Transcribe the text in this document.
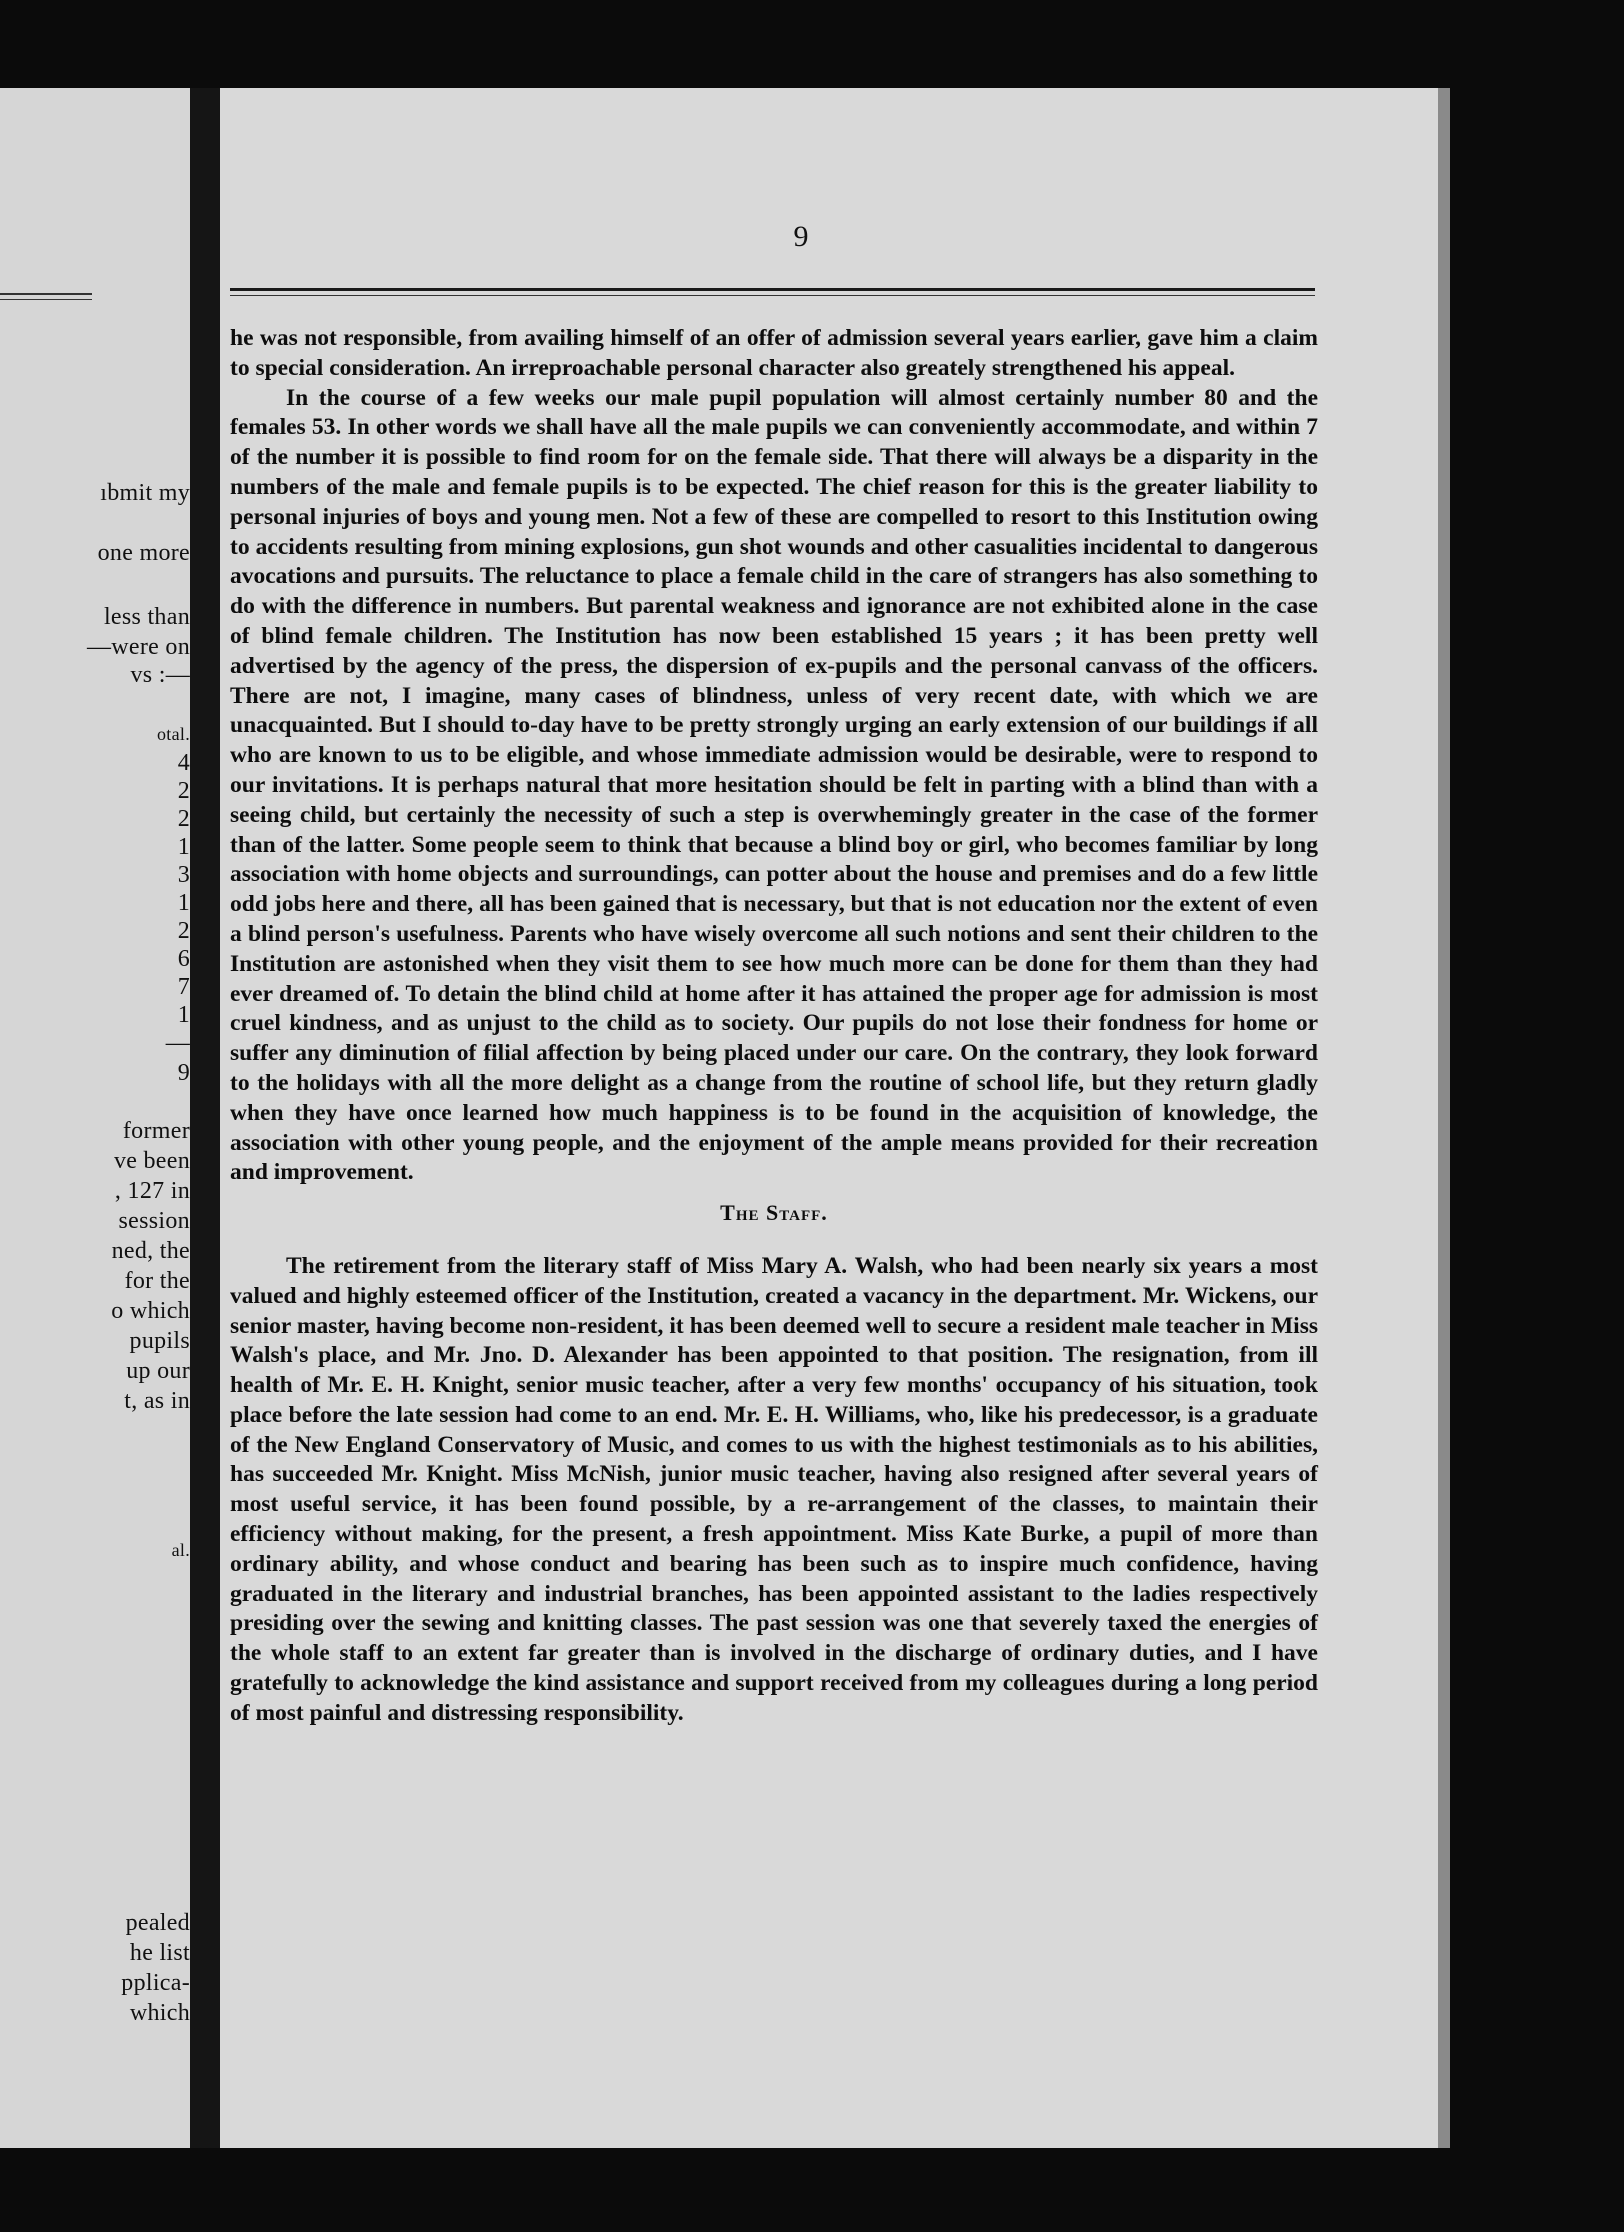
ıbmit my
one more
less than
—were on
vs :—
otal.
4
2
2
1
3
1
2
6
7
1
—
9
former
ve been
, 127 in
session
ned, the
for the
o which
pupils
up our
t, as in
al.
pealed
he list
pplica-
which
9

he was not responsible, from availing himself of an offer of admission several years earlier, gave him a claim to special consideration. An irreproachable personal character also greately strengthened his appeal.

In the course of a few weeks our male pupil population will almost certainly number 80 and the females 53. In other words we shall have all the male pupils we can conveniently accommodate, and within 7 of the number it is possible to find room for on the female side. That there will always be a disparity in the numbers of the male and female pupils is to be expected. The chief reason for this is the greater liability to personal injuries of boys and young men. Not a few of these are compelled to resort to this Institution owing to accidents resulting from mining explosions, gun shot wounds and other casualities incidental to dangerous avocations and pursuits. The reluctance to place a female child in the care of strangers has also something to do with the difference in numbers. But parental weakness and ignorance are not exhibited alone in the case of blind female children. The Institution has now been established 15 years ; it has been pretty well advertised by the agency of the press, the dispersion of ex-pupils and the personal canvass of the officers. There are not, I imagine, many cases of blindness, unless of very recent date, with which we are unacquainted. But I should to-day have to be pretty strongly urging an early extension of our buildings if all who are known to us to be eligible, and whose immediate admission would be desirable, were to respond to our invitations. It is perhaps natural that more hesitation should be felt in parting with a blind than with a seeing child, but certainly the necessity of such a step is overwhemingly greater in the case of the former than of the latter. Some people seem to think that because a blind boy or girl, who becomes familiar by long association with home objects and surroundings, can potter about the house and premises and do a few little odd jobs here and there, all has been gained that is necessary, but that is not education nor the extent of even a blind person's usefulness. Parents who have wisely overcome all such notions and sent their children to the Institution are astonished when they visit them to see how much more can be done for them than they had ever dreamed of. To detain the blind child at home after it has attained the proper age for admission is most cruel kindness, and as unjust to the child as to society. Our pupils do not lose their fondness for home or suffer any diminution of filial affection by being placed under our care. On the contrary, they look forward to the holidays with all the more delight as a change from the routine of school life, but they return gladly when they have once learned how much happiness is to be found in the acquisition of knowledge, the association with other young people, and the enjoyment of the ample means provided for their recreation and improvement.

The Staff.

The retirement from the literary staff of Miss Mary A. Walsh, who had been nearly six years a most valued and highly esteemed officer of the Institution, created a vacancy in the department. Mr. Wickens, our senior master, having become non-resident, it has been deemed well to secure a resident male teacher in Miss Walsh's place, and Mr. Jno. D. Alexander has been appointed to that position. The resignation, from ill health of Mr. E. H. Knight, senior music teacher, after a very few months' occupancy of his situation, took place before the late session had come to an end. Mr. E. H. Williams, who, like his predecessor, is a graduate of the New England Conservatory of Music, and comes to us with the highest testimonials as to his abilities, has succeeded Mr. Knight. Miss McNish, junior music teacher, having also resigned after several years of most useful service, it has been found possible, by a re-arrangement of the classes, to maintain their efficiency without making, for the present, a fresh appointment. Miss Kate Burke, a pupil of more than ordinary ability, and whose conduct and bearing has been such as to inspire much confidence, having graduated in the literary and industrial branches, has been appointed assistant to the ladies respectively presiding over the sewing and knitting classes. The past session was one that severely taxed the energies of the whole staff to an extent far greater than is involved in the discharge of ordinary duties, and I have gratefully to acknowledge the kind assistance and support received from my colleagues during a long period of most painful and distressing responsibility.
